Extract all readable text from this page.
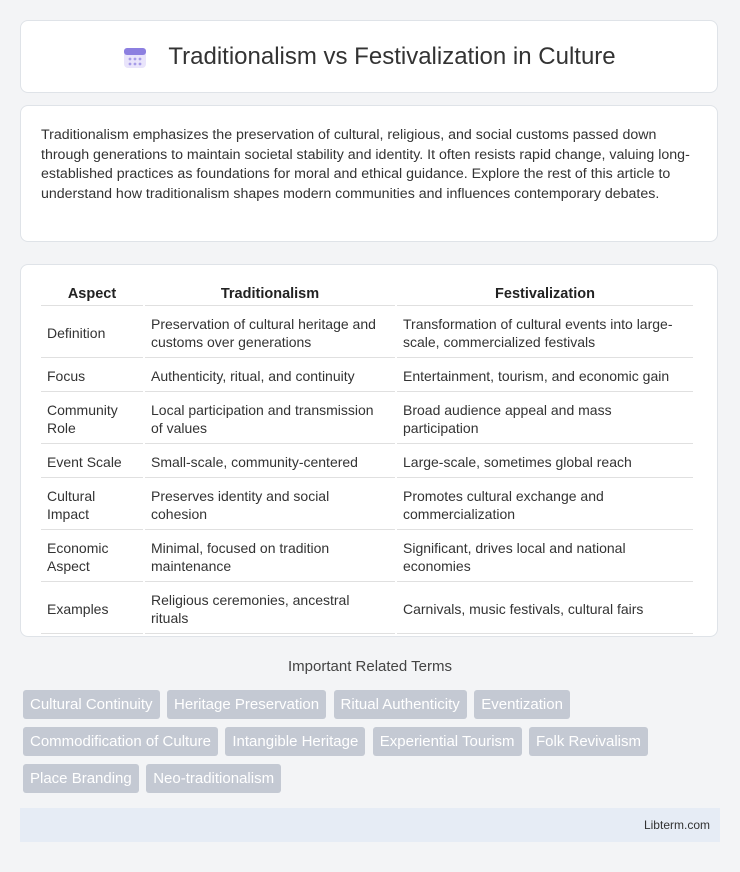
Traditionalism vs Festivalization in Culture

Traditionalism emphasizes the preservation of cultural, religious, and social customs passed down through generations to maintain societal stability and identity. It often resists rapid change, valuing long-established practices as foundations for moral and ethical guidance. Explore the rest of this article to understand how traditionalism shapes modern communities and influences contemporary debates.

Aspect	Traditionalism	Festivalization
Definition	Preservation of cultural heritage and customs over generations	Transformation of cultural events into large-scale, commercialized festivals
Focus	Authenticity, ritual, and continuity	Entertainment, tourism, and economic gain
Community Role	Local participation and transmission of values	Broad audience appeal and mass participation
Event Scale	Small-scale, community-centered	Large-scale, sometimes global reach
Cultural Impact	Preserves identity and social cohesion	Promotes cultural exchange and commercialization
Economic Aspect	Minimal, focused on tradition maintenance	Significant, drives local and national economies
Examples	Religious ceremonies, ancestral rituals	Carnivals, music festivals, cultural fairs
Important Related Terms
Cultural Continuity Heritage Preservation Ritual Authenticity Eventization Commodification of Culture Intangible Heritage Experiential Tourism Folk Revivalism Place Branding Neo-traditionalism
Libterm.com
